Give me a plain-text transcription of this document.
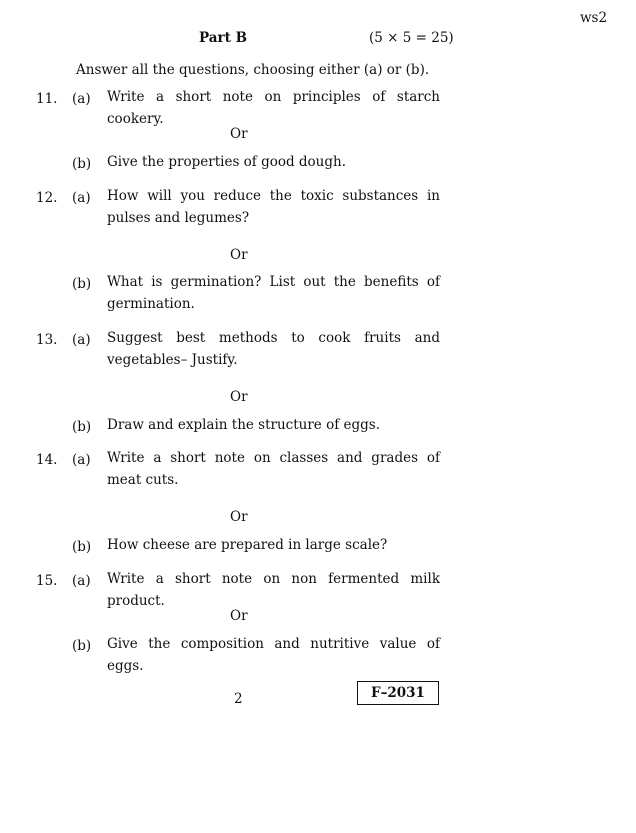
ws2
Part B	(5 × 5 = 25)
Answer all the questions, choosing either (a) or (b).
11. (a) Write a short note on principles of starch cookery.
Or
(b) Give the properties of good dough.
12. (a) How will you reduce the toxic substances in pulses and legumes?
Or
(b) What is germination? List out the benefits of germination.
13. (a) Suggest best methods to cook fruits and vegetables– Justify.
Or
(b) Draw and explain the structure of eggs.
14. (a) Write a short note on classes and grades of meat cuts.
Or
(b) How cheese are prepared in large scale?
15. (a) Write a short note on non fermented milk product.
Or
(b) Give the composition and nutritive value of eggs.
2	F–2031
